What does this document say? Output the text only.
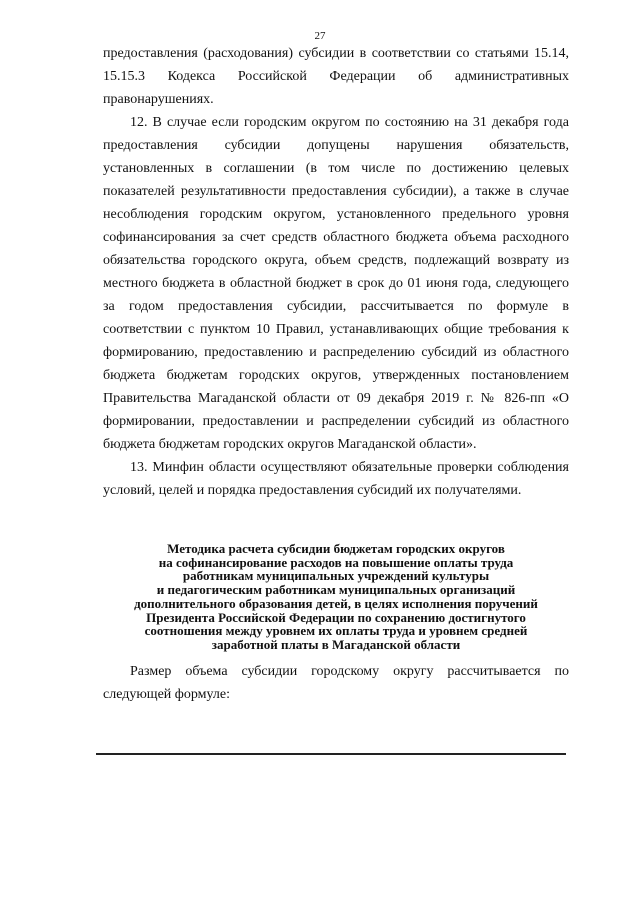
27

предоставления (расходования) субсидии в соответствии со статьями 15.14, 15.15.3 Кодекса Российской Федерации об административных правонарушениях.

12. В случае если городским округом по состоянию на 31 декабря года предоставления субсидии допущены нарушения обязательств, установленных в соглашении (в том числе по достижению целевых показателей результативности предоставления субсидии), а также в случае несоблюдения городским округом, установленного предельного уровня софинансирования за счет средств областного бюджета объема расходного обязательства городского округа, объем средств, подлежащий возврату из местного бюджета в областной бюджет в срок до 01 июня года, следующего за годом предоставления субсидии, рассчитывается по формуле в соответствии с пунктом 10 Правил, устанавливающих общие требования к формированию, предоставлению и распределению субсидий из областного бюджета бюджетам городских округов, утвержденных постановлением Правительства Магаданской области от 09 декабря 2019 г. № 826-пп «О формировании, предоставлении и распределении субсидий из областного бюджета бюджетам городских округов Магаданской области».

13. Минфин области осуществляют обязательные проверки соблюдения условий, целей и порядка предоставления субсидий их получателями.

Методика расчета субсидии бюджетам городских округов
на софинансирование расходов на повышение оплаты труда
работникам муниципальных учреждений культуры
и педагогическим работникам муниципальных организаций
дополнительного образования детей, в целях исполнения поручений
Президента Российской Федерации по сохранению достигнутого
соотношения между уровнем их оплаты труда и уровнем средней
заработной платы в Магаданской области

Размер объема субсидии городскому округу рассчитывается по следующей формуле:
